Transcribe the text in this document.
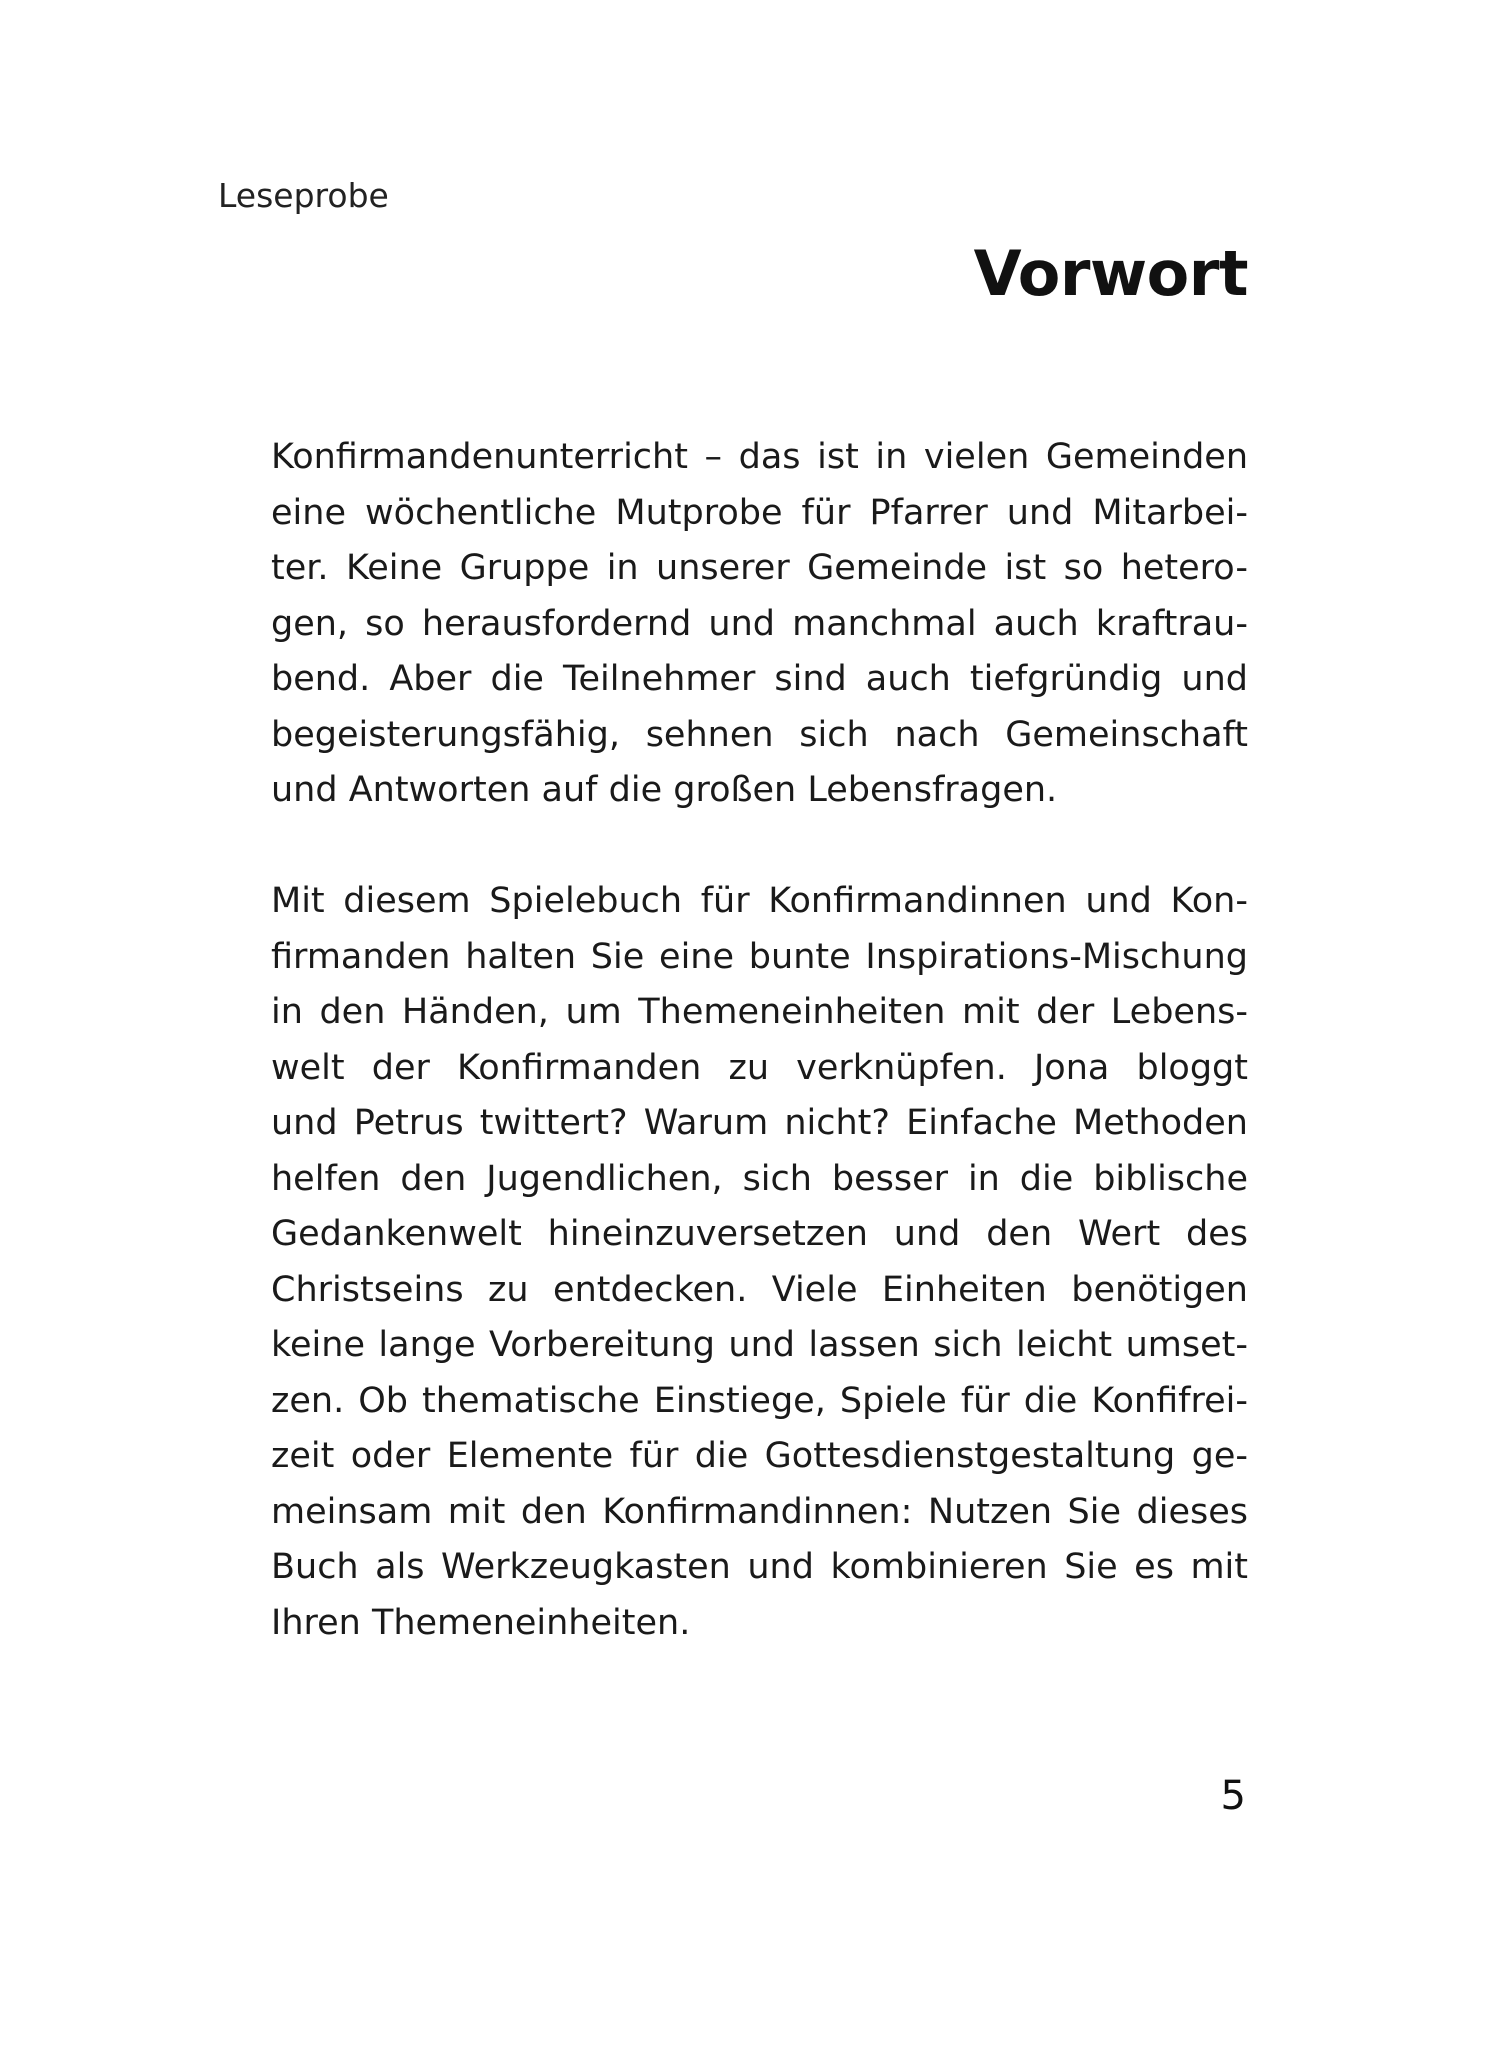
Leseprobe
Vorwort
Konfirmandenunterricht – das ist in vielen Gemeinden
eine wöchentliche Mutprobe für Pfarrer und Mitarbei-
ter. Keine Gruppe in unserer Gemeinde ist so hetero-
gen, so herausfordernd und manchmal auch kraftrau-
bend. Aber die Teilnehmer sind auch tiefgründig und
begeisterungsfähig, sehnen sich nach Gemeinschaft
und Antworten auf die großen Lebensfragen.
Mit diesem Spielebuch für Konfirmandinnen und Kon-
firmanden halten Sie eine bunte Inspirations-Mischung
in den Händen, um Themeneinheiten mit der Lebens-
welt der Konfirmanden zu verknüpfen. Jona bloggt
und Petrus twittert? Warum nicht? Einfache Methoden
helfen den Jugendlichen, sich besser in die biblische
Gedankenwelt hineinzuversetzen und den Wert des
Christseins zu entdecken. Viele Einheiten benötigen
keine lange Vorbereitung und lassen sich leicht umset-
zen. Ob thematische Einstiege, Spiele für die Konfifrei-
zeit oder Elemente für die Gottesdienstgestaltung ge-
meinsam mit den Konfirmandinnen: Nutzen Sie dieses
Buch als Werkzeugkasten und kombinieren Sie es mit
Ihren Themeneinheiten.
5
